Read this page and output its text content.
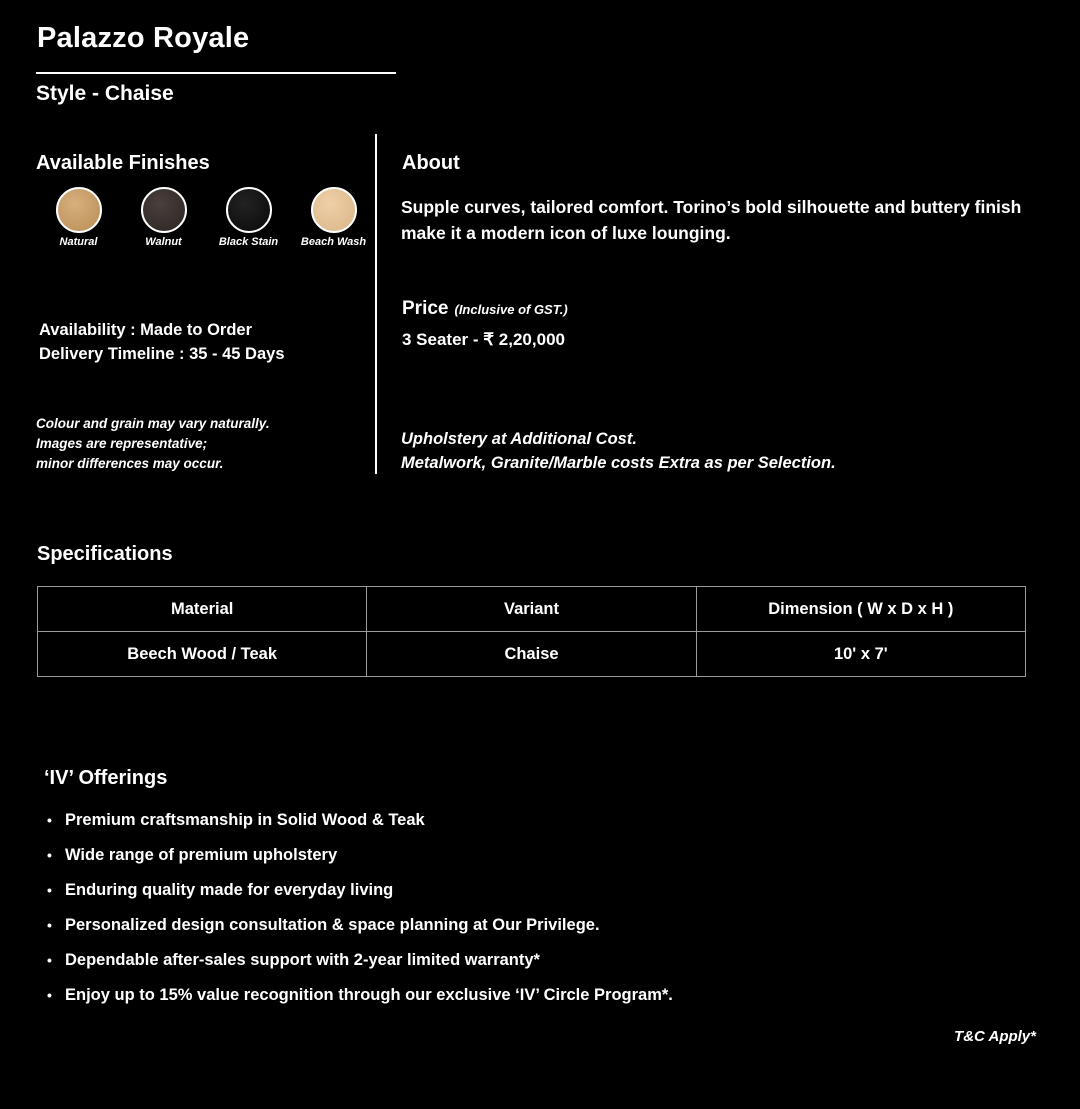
Palazzo Royale
Style - Chaise
Available Finishes
Natural	Walnut	Black Stain Beach Wash
Availability : Made to Order
Delivery Timeline : 35 - 45 Days
Colour and grain may vary naturally.
Images are representative;
minor differences may occur.
About
Supple curves, tailored comfort. Torino’s bold silhouette and buttery finish make it a modern icon of luxe lounging.
Price (Inclusive of GST.)
3 Seater - ₹ 2,20,000
Upholstery at Additional Cost.
Metalwork, Granite/Marble costs Extra as per Selection.
Specifications
Material	Variant	Dimension ( W x D x H )
Beech Wood / Teak	Chaise	10' x 7'
‘IV’ Offerings
• Premium craftsmanship in Solid Wood & Teak
• Wide range of premium upholstery
• Enduring quality made for everyday living
• Personalized design consultation & space planning at Our Privilege.
• Dependable after-sales support with 2-year limited warranty*
• Enjoy up to 15% value recognition through our exclusive ‘IV’ Circle Program*.
T&C Apply*
